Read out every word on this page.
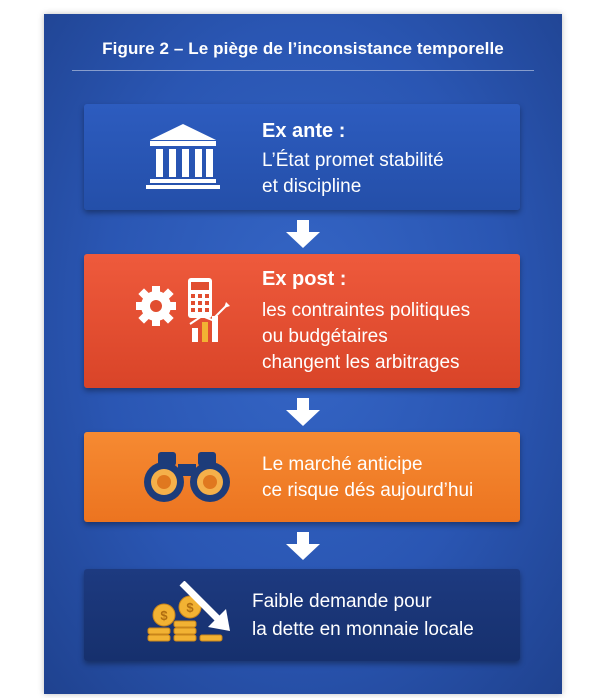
Figure 2 – Le piège de l’inconsistance temporelle
Ex ante :
L’État promet stabilité
et discipline
Ex post :
les contraintes politiques
ou budgétaires
changent les arbitrages
Le marché anticipe
ce risque dés aujourd’hui
$
$	Faible demande pour
la dette en monnaie locale
